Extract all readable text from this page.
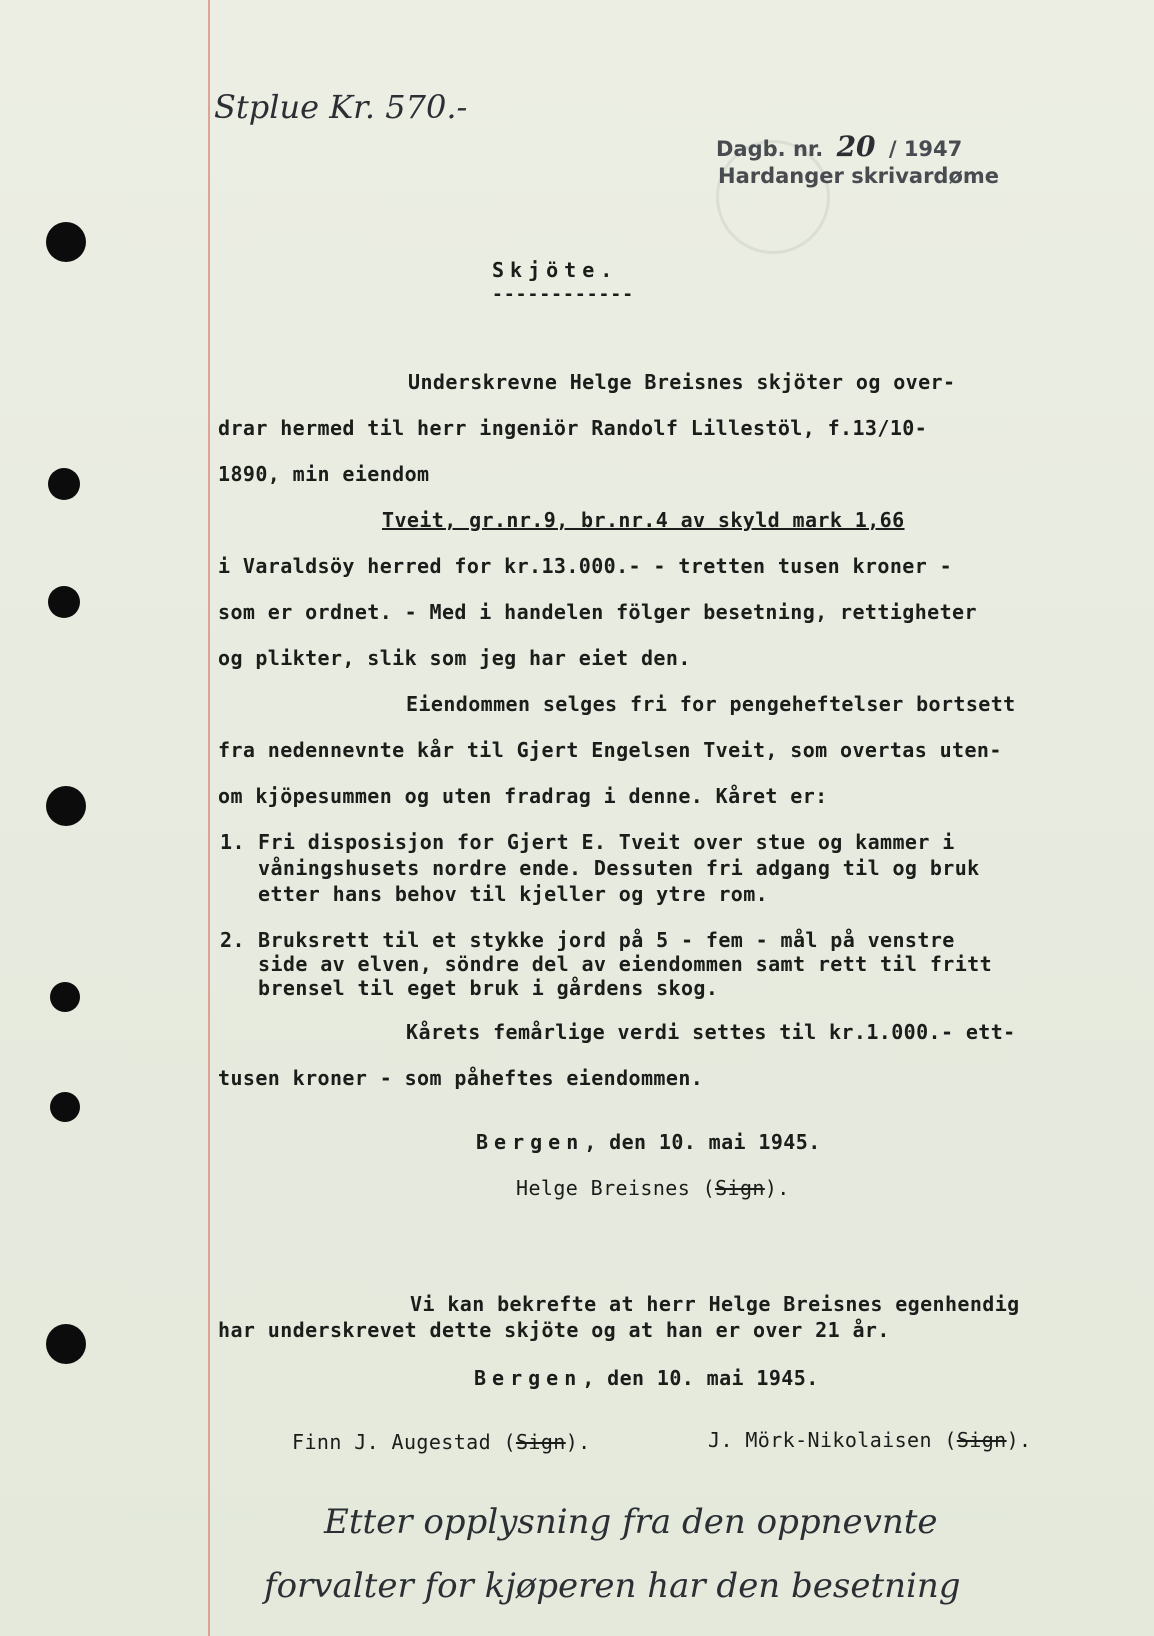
Stplue Kr. 570.-
Dagb. nr. 20 / 1947
Hardanger skrivardøme
Skjöte.
------------
Underskrevne Helge Breisnes skjöter og over-
drar hermed til herr ingeniör Randolf Lillestöl, f.13/10-
1890, min eiendom
Tveit, gr.nr.9, br.nr.4 av skyld mark 1,66
i Varaldsöy herred for kr.13.000.- - tretten tusen kroner -
som er ordnet. - Med i handelen fölger besetning, rettigheter
og plikter, slik som jeg har eiet den.
Eiendommen selges fri for pengeheftelser bortsett
fra nedennevnte kår til Gjert Engelsen Tveit, som overtas uten-
om kjöpesummen og uten fradrag i denne. Kåret er:
1. Fri disposisjon for Gjert E. Tveit over stue og kammer i
våningshusets nordre ende. Dessuten fri adgang til og bruk
etter hans behov til kjeller og ytre rom.
2. Bruksrett til et stykke jord på 5 - fem - mål på venstre
side av elven, söndre del av eiendommen samt rett til fritt
brensel til eget bruk i gårdens skog.
Kårets femårlige verdi settes til kr.1.000.- ett-
tusen kroner - som påheftes eiendommen.
Bergen, den 10. mai 1945.
Helge Breisnes (Sign).
Vi kan bekrefte at herr Helge Breisnes egenhendig
har underskrevet dette skjöte og at han er over 21 år.
Bergen, den 10. mai 1945.
Finn J. Augestad (Sign).	J. Mörk-Nikolaisen (Sign).
Etter opplysning fra den oppnevnte
forvalter for kjøperen har den besetning
